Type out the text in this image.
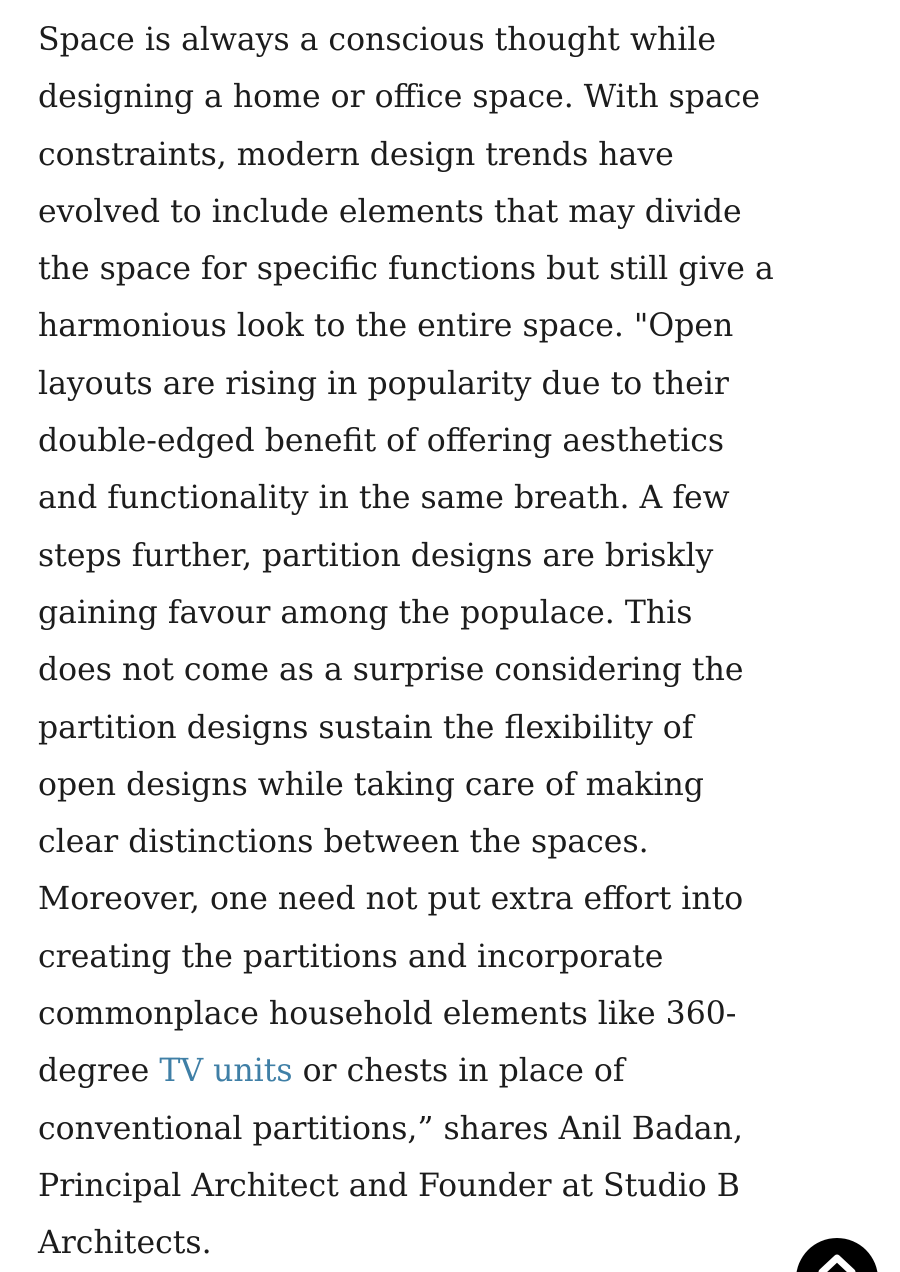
Space is always a conscious thought while
designing a home or office space. With space
constraints, modern design trends have
evolved to include elements that may divide
the space for specific functions but still give a
harmonious look to the entire space. "Open
layouts are rising in popularity due to their
double-edged benefit of offering aesthetics
and functionality in the same breath. A few
steps further, partition designs are briskly
gaining favour among the populace. This
does not come as a surprise considering the
partition designs sustain the flexibility of
open designs while taking care of making
clear distinctions between the spaces.
Moreover, one need not put extra effort into
creating the partitions and incorporate
commonplace household elements like 360-
degree TV units or chests in place of
conventional partitions,” shares Anil Badan,
Principal Architect and Founder at Studio B
Architects.
